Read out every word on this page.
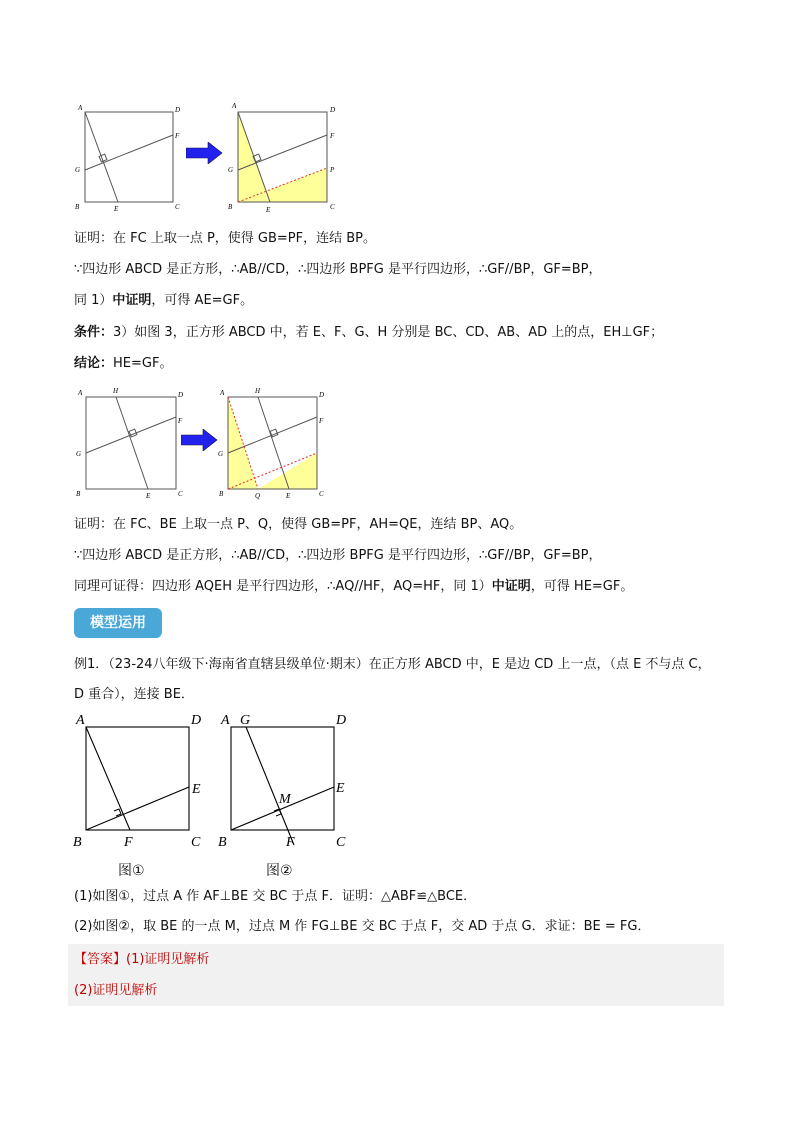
A	D
F
G
B	E	C
A	D
F
G	P
B	E	C
证明：在 FC 上取一点 P，使得 GB=PF，连结 BP。
∵四边形 ABCD 是正方形，∴AB//CD，∴四边形 BPFG 是平行四边形，∴GF//BP，GF=BP，
同 1）中证明，可得 AE=GF。
条件：3）如图 3，正方形 ABCD 中，若 E、F、G、H 分别是 BC、CD、AB、AD 上的点，EH⊥GF；
结论：HE=GF。
A	H	D
F
G
B	E	C
A	H	D
F
G
B	Q	E	C
证明：在 FC、BE 上取一点 P、Q，使得 GB=PF，AH=QE，连结 BP、AQ。
∵四边形 ABCD 是正方形，∴AB//CD，∴四边形 BPFG 是平行四边形，∴GF//BP，GF=BP，
同理可证得：四边形 AQEH 是平行四边形，∴AQ//HF，AQ=HF，同 1）中证明，可得 HE=GF。
模型运用
例1．（23-24八年级下·海南省直辖县级单位·期末）在正方形 ABCD 中，E 是边 CD 上一点，（点 E 不与点 C，
D 重合），连接 BE．
A	D
E
B	F	C
A G	D
M
E
B	F	C
图①	图②
(1)如图①，过点 A 作 AF⊥BE 交 BC 于点 F．证明：△ABF≌△BCE．
(2)如图②，取 BE 的一点 M，过点 M 作 FG⊥BE 交 BC 于点 F，交 AD 于点 G．求证：BE = FG．
【答案】(1)证明见解析
(2)证明见解析
